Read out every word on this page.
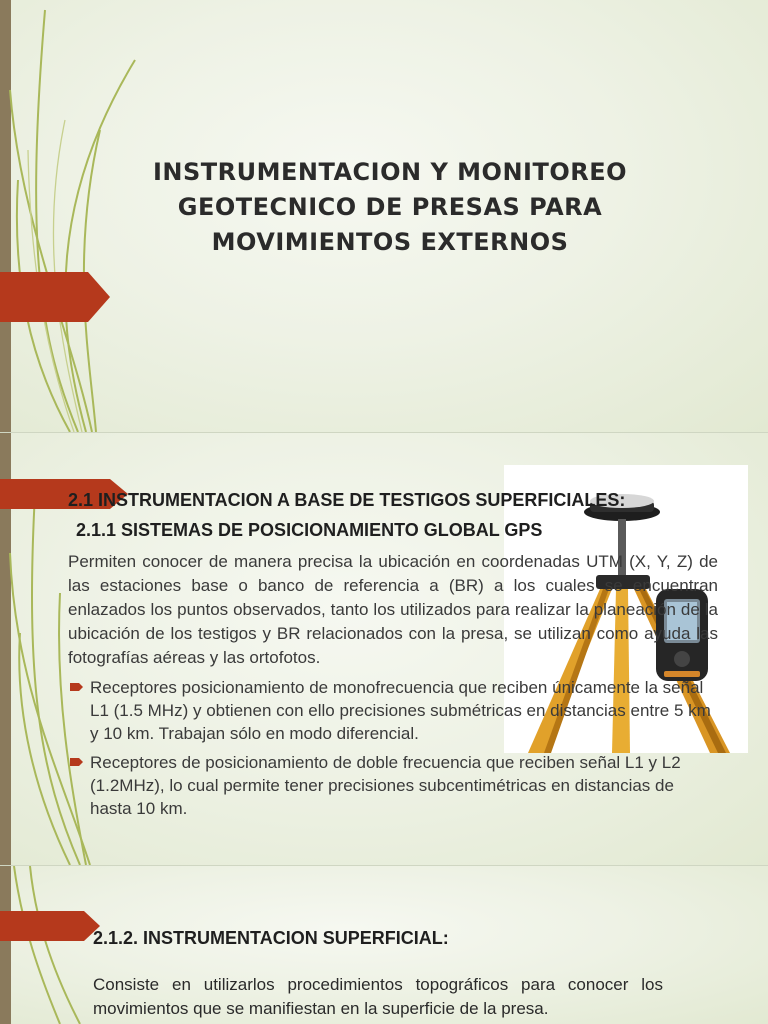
INSTRUMENTACION Y MONITOREO GEOTECNICO DE PRESAS PARA MOVIMIENTOS EXTERNOS
2.1 INSTRUMENTACION A BASE DE TESTIGOS SUPERFICIALES:
2.1.1 SISTEMAS DE POSICIONAMIENTO GLOBAL GPS

Permiten conocer de manera precisa la ubicación en coordenadas UTM (X, Y, Z) de las estaciones base o banco de referencia a (BR) a los cuales se encuentran enlazados los puntos observados, tanto los utilizados para realizar la planeación de la ubicación de los testigos y BR relacionados con la presa, se utilizan como ayuda las fotografías aéreas y las ortofotos.

Receptores posicionamiento de monofrecuencia que reciben únicamente la señal L1 (1.5 MHz) y obtienen con ello precisiones submétricas en distancias entre 5 km y 10 km. Trabajan sólo en modo diferencial.
Receptores de posicionamiento de doble frecuencia que reciben señal L1 y L2 (1.2MHz), lo cual permite tener precisiones subcentimétricas en distancias de hasta 10 km.
2.1.2. INSTRUMENTACION SUPERFICIAL:
Consiste en utilizarlos procedimientos topográficos para conocer los movimientos que se manifiestan en la superficie de la presa.
